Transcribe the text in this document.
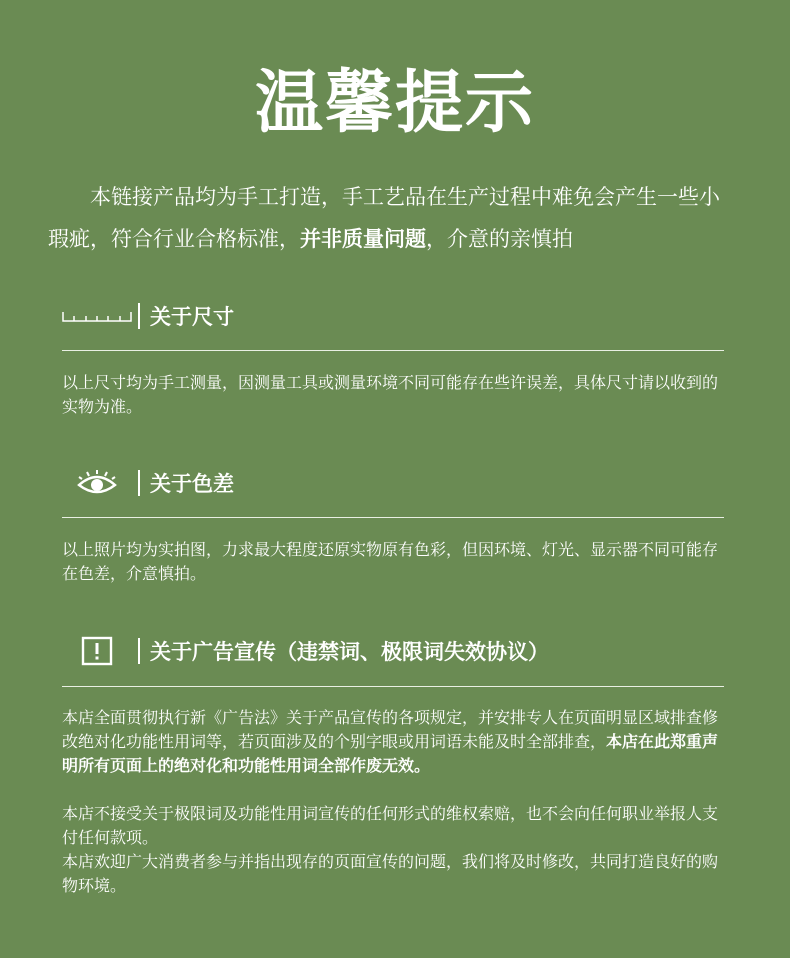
温馨提示
本链接产品均为手工打造，手工艺品在生产过程中难免会产生一些小瑕疵，符合行业合格标准，并非质量问题，介意的亲慎拍
关于尺寸

以上尺寸均为手工测量，因测量工具或测量环境不同可能存在些许误差，具体尺寸请以收到的实物为准。

关于色差

以上照片均为实拍图，力求最大程度还原实物原有色彩，但因环境、灯光、显示器不同可能存在色差，介意慎拍。

关于广告宣传（违禁词、极限词失效协议）

本店全面贯彻执行新《广告法》关于产品宣传的各项规定，并安排专人在页面明显区域排查修改绝对化功能性用词等，若页面涉及的个别字眼或用词语未能及时全部排查，本店在此郑重声明所有页面上的绝对化和功能性用词全部作废无效。

本店不接受关于极限词及功能性用词宣传的任何形式的维权索赔，也不会向任何职业举报人支付任何款项。

本店欢迎广大消费者参与并指出现存的页面宣传的问题，我们将及时修改，共同打造良好的购物环境。
